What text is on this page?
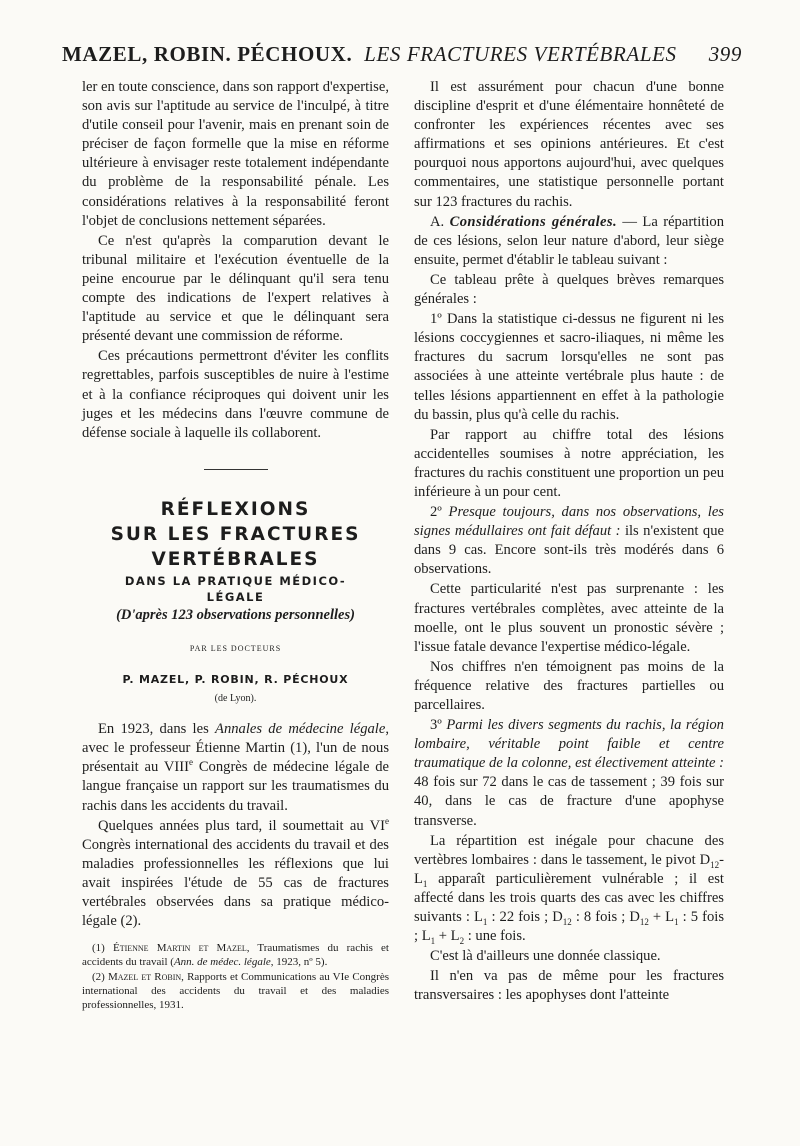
MAZEL, ROBIN. PÉCHOUX. LES FRACTURES VERTÉBRALES 399

ler en toute conscience, dans son rapport d'expertise, son avis sur l'aptitude au service de l'inculpé, à titre d'utile conseil pour l'avenir, mais en prenant soin de préciser de façon formelle que la mise en réforme ultérieure à envisager reste totalement indépendante du problème de la responsabilité pénale. Les considérations relatives à la responsabilité feront l'objet de conclusions nettement séparées.

Ce n'est qu'après la comparution devant le tribunal militaire et l'exécution éventuelle de la peine encourue par le délinquant qu'il sera tenu compte des indications de l'expert relatives à l'aptitude au service et que le délinquant sera présenté devant une commission de réforme.

Ces précautions permettront d'éviter les conflits regrettables, parfois susceptibles de nuire à l'estime et à la confiance réciproques qui doivent unir les juges et les médecins dans l'œuvre commune de défense sociale à laquelle ils collaborent.

RÉFLEXIONS

SUR LES FRACTURES

VERTÉBRALES

DANS LA PRATIQUE MÉDICO-

LÉGALE

(D'après 123 observations personnelles)

PAR LES DOCTEURS

P. MAZEL, P. ROBIN, R. PÉCHOUX

(de Lyon).

En 1923, dans les Annales de médecine légale, avec le professeur Étienne Martin (1), l'un de nous présentait au VIIIe Congrès de médecine légale de langue française un rapport sur les traumatismes du rachis dans les accidents du travail.

Quelques années plus tard, il soumettait au VIe Congrès international des accidents du travail et des maladies professionnelles les réflexions que lui avait inspirées l'étude de 55 cas de fractures vertébrales observées dans sa pratique médico-légale (2).

(1) Étienne Martin et Mazel, Traumatismes du rachis et accidents du travail (Ann. de médec. légale, 1923, nº 5).

(2) Mazel et Robin, Rapports et Communications au VIe Congrès international des accidents du travail et des maladies professionnelles, 1931.

Il est assurément pour chacun d'une bonne discipline d'esprit et d'une élémentaire honnêteté de confronter les expériences récentes avec ses affirmations et ses opinions antérieures. Et c'est pourquoi nous apportons aujourd'hui, avec quelques commentaires, une statistique personnelle portant sur 123 fractures du rachis.

A. Considérations générales. — La répartition de ces lésions, selon leur nature d'abord, leur siège ensuite, permet d'établir le tableau suivant :

Ce tableau prête à quelques brèves remarques générales :

1º Dans la statistique ci-dessus ne figurent ni les lésions coccygiennes et sacro-iliaques, ni même les fractures du sacrum lorsqu'elles ne sont pas associées à une atteinte vertébrale plus haute : de telles lésions appartiennent en effet à la pathologie du bassin, plus qu'à celle du rachis.

Par rapport au chiffre total des lésions accidentelles soumises à notre appréciation, les fractures du rachis constituent une proportion un peu inférieure à un pour cent.

2º Presque toujours, dans nos observations, les signes médullaires ont fait défaut : ils n'existent que dans 9 cas. Encore sont-ils très modérés dans 6 observations.

Cette particularité n'est pas surprenante : les fractures vertébrales complètes, avec atteinte de la moelle, ont le plus souvent un pronostic sévère ; l'issue fatale devance l'expertise médico-légale.

Nos chiffres n'en témoignent pas moins de la fréquence relative des fractures partielles ou parcellaires.

3º Parmi les divers segments du rachis, la région lombaire, véritable point faible et centre traumatique de la colonne, est électivement atteinte : 48 fois sur 72 dans le cas de tassement ; 39 fois sur 40, dans le cas de fracture d'une apophyse transverse.

La répartition est inégale pour chacune des vertèbres lombaires : dans le tassement, le pivot $D_{12}-L_1$ apparaît particulièrement vulnérable ; il est affecté dans les trois quarts des cas avec les chiffres suivants : $L_1$ : 22 fois ; $D_{12}$ : 8 fois ; $D_{12} + L_1$ : 5 fois ; $L_1 + L_2$ : une fois.

C'est là d'ailleurs une donnée classique.

Il n'en va pas de même pour les fractures transversaires : les apophyses dont l'atteinte
